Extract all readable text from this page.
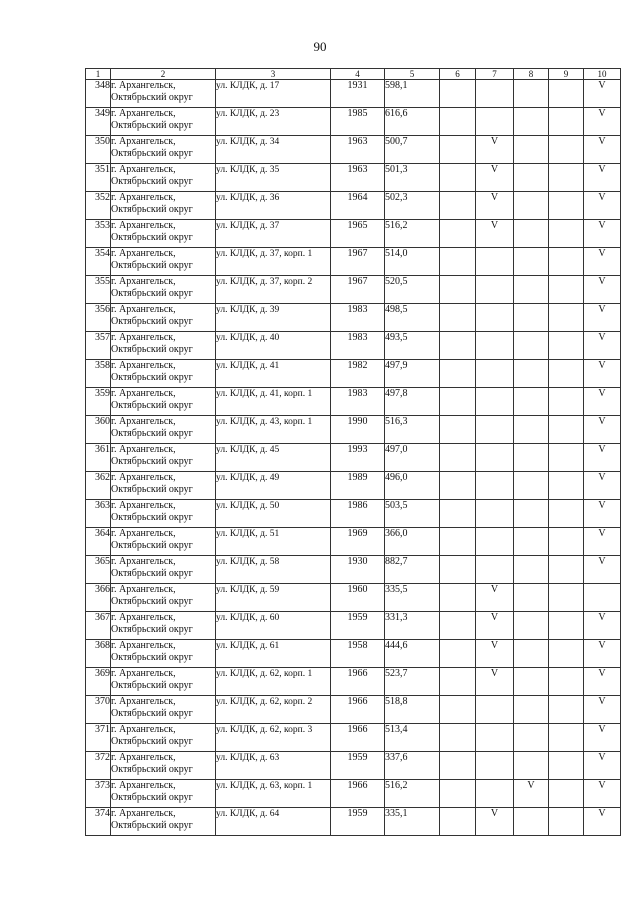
90
1	2	3	4	5	6	7	8	9	10
348	г. Архангельск,
Октябрьский округ	ул. КЛДК, д. 17	1931	598,1					V
349	г. Архангельск,
Октябрьский округ	ул. КЛДК, д. 23	1985	616,6					V
350	г. Архангельск,
Октябрьский округ	ул. КЛДК, д. 34	1963	500,7		V			V
351	г. Архангельск,
Октябрьский округ	ул. КЛДК, д. 35	1963	501,3		V			V
352	г. Архангельск,
Октябрьский округ	ул. КЛДК, д. 36	1964	502,3		V			V
353	г. Архангельск,
Октябрьский округ	ул. КЛДК, д. 37	1965	516,2		V			V
354	г. Архангельск,
Октябрьский округ	ул. КЛДК, д. 37, корп. 1	1967	514,0					V
355	г. Архангельск,
Октябрьский округ	ул. КЛДК, д. 37, корп. 2	1967	520,5					V
356	г. Архангельск,
Октябрьский округ	ул. КЛДК, д. 39	1983	498,5					V
357	г. Архангельск,
Октябрьский округ	ул. КЛДК, д. 40	1983	493,5					V
358	г. Архангельск,
Октябрьский округ	ул. КЛДК, д. 41	1982	497,9					V
359	г. Архангельск,
Октябрьский округ	ул. КЛДК, д. 41, корп. 1	1983	497,8					V
360	г. Архангельск,
Октябрьский округ	ул. КЛДК, д. 43, корп. 1	1990	516,3					V
361	г. Архангельск,
Октябрьский округ	ул. КЛДК, д. 45	1993	497,0					V
362	г. Архангельск,
Октябрьский округ	ул. КЛДК, д. 49	1989	496,0					V
363	г. Архангельск,
Октябрьский округ	ул. КЛДК, д. 50	1986	503,5					V
364	г. Архангельск,
Октябрьский округ	ул. КЛДК, д. 51	1969	366,0					V
365	г. Архангельск,
Октябрьский округ	ул. КЛДК, д. 58	1930	882,7					V
366	г. Архангельск,
Октябрьский округ	ул. КЛДК, д. 59	1960	335,5		V			
367	г. Архангельск,
Октябрьский округ	ул. КЛДК, д. 60	1959	331,3		V			V
368	г. Архангельск,
Октябрьский округ	ул. КЛДК, д. 61	1958	444,6		V			V
369	г. Архангельск,
Октябрьский округ	ул. КЛДК, д. 62, корп. 1	1966	523,7		V			V
370	г. Архангельск,
Октябрьский округ	ул. КЛДК, д. 62, корп. 2	1966	518,8					V
371	г. Архангельск,
Октябрьский округ	ул. КЛДК, д. 62, корп. 3	1966	513,4					V
372	г. Архангельск,
Октябрьский округ	ул. КЛДК, д. 63	1959	337,6					V
373	г. Архангельск,
Октябрьский округ	ул. КЛДК, д. 63, корп. 1	1966	516,2			V		V
374	г. Архангельск,
Октябрьский округ	ул. КЛДК, д. 64	1959	335,1		V			V
